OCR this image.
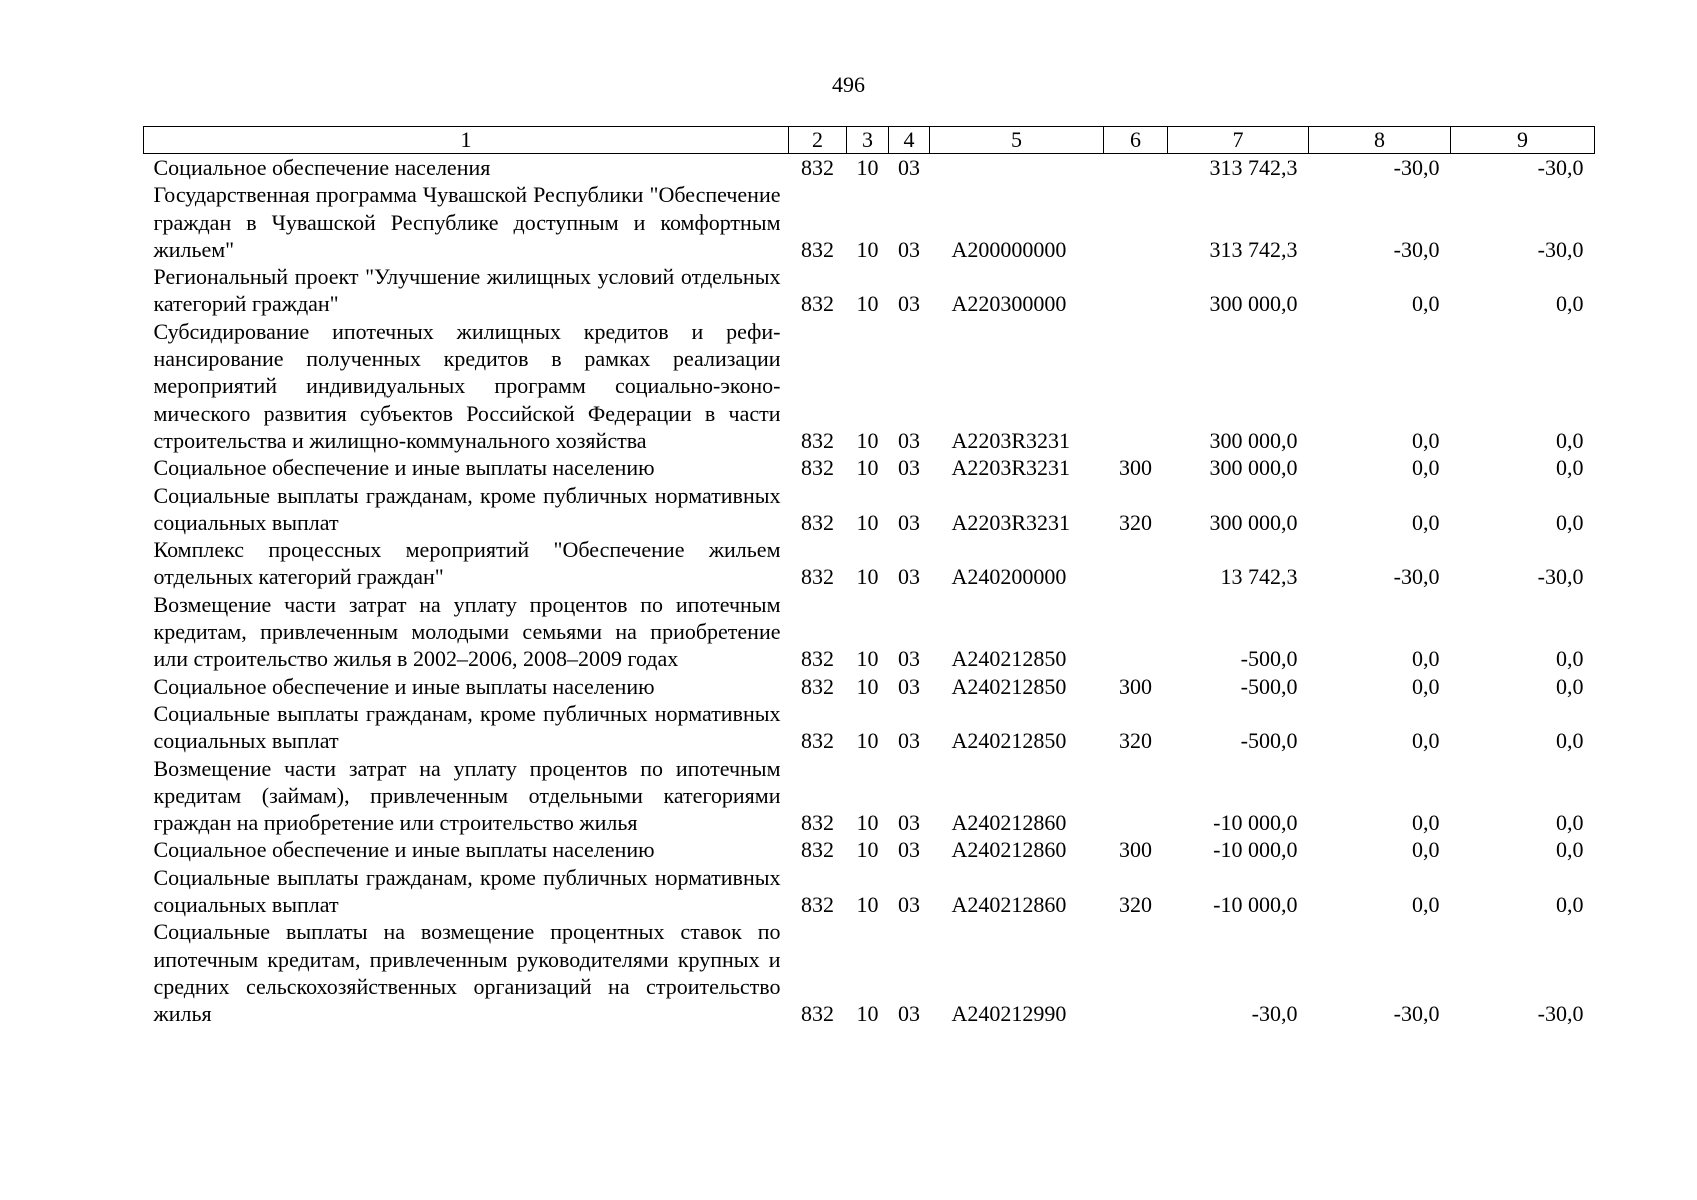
496
1	2	3	4	5	6	7	8	9
Социальное обеспечение населения	832	10	03			313 742,3	-30,0	-30,0
Государственная программа Чувашской Республики "Обеспечение граждан в Чувашской Республике доступным и комфортным жильем"	832	10	03	А200000000		313 742,3	-30,0	-30,0
Региональный проект "Улучшение жилищных условий отдельных категорий граждан"	832	10	03	А220300000		300 000,0	0,0	0,0
Субсидирование ипотечных жилищных кредитов и рефинансирование полученных кредитов в рамках реализации мероприятий индивидуальных программ социально-экономического развития субъектов Российской Федерации в части строительства и жилищно-коммунального хозяйства	832	10	03	А2203R3231		300 000,0	0,0	0,0
Социальное обеспечение и иные выплаты населению	832	10	03	А2203R3231	300	300 000,0	0,0	0,0
Социальные выплаты гражданам, кроме публичных нормативных социальных выплат	832	10	03	А2203R3231	320	300 000,0	0,0	0,0
Комплекс процессных мероприятий "Обеспечение жильем отдельных категорий граждан"	832	10	03	А240200000		13 742,3	-30,0	-30,0
Возмещение части затрат на уплату процентов по ипотечным кредитам, привлеченным молодыми семьями на приобретение или строительство жилья в 2002–2006, 2008–2009 годах	832	10	03	А240212850		-500,0	0,0	0,0
Социальное обеспечение и иные выплаты населению	832	10	03	А240212850	300	-500,0	0,0	0,0
Социальные выплаты гражданам, кроме публичных нормативных социальных выплат	832	10	03	А240212850	320	-500,0	0,0	0,0
Возмещение части затрат на уплату процентов по ипотечным кредитам (займам), привлеченным отдельными категориями граждан на приобретение или строительство жилья	832	10	03	А240212860		-10 000,0	0,0	0,0
Социальное обеспечение и иные выплаты населению	832	10	03	А240212860	300	-10 000,0	0,0	0,0
Социальные выплаты гражданам, кроме публичных нормативных социальных выплат	832	10	03	А240212860	320	-10 000,0	0,0	0,0
Социальные выплаты на возмещение процентных ставок по ипотечным кредитам, привлеченным руководителями крупных и средних сельскохозяйственных организаций на строительство жилья	832	10	03	А240212990		-30,0	-30,0	-30,0
